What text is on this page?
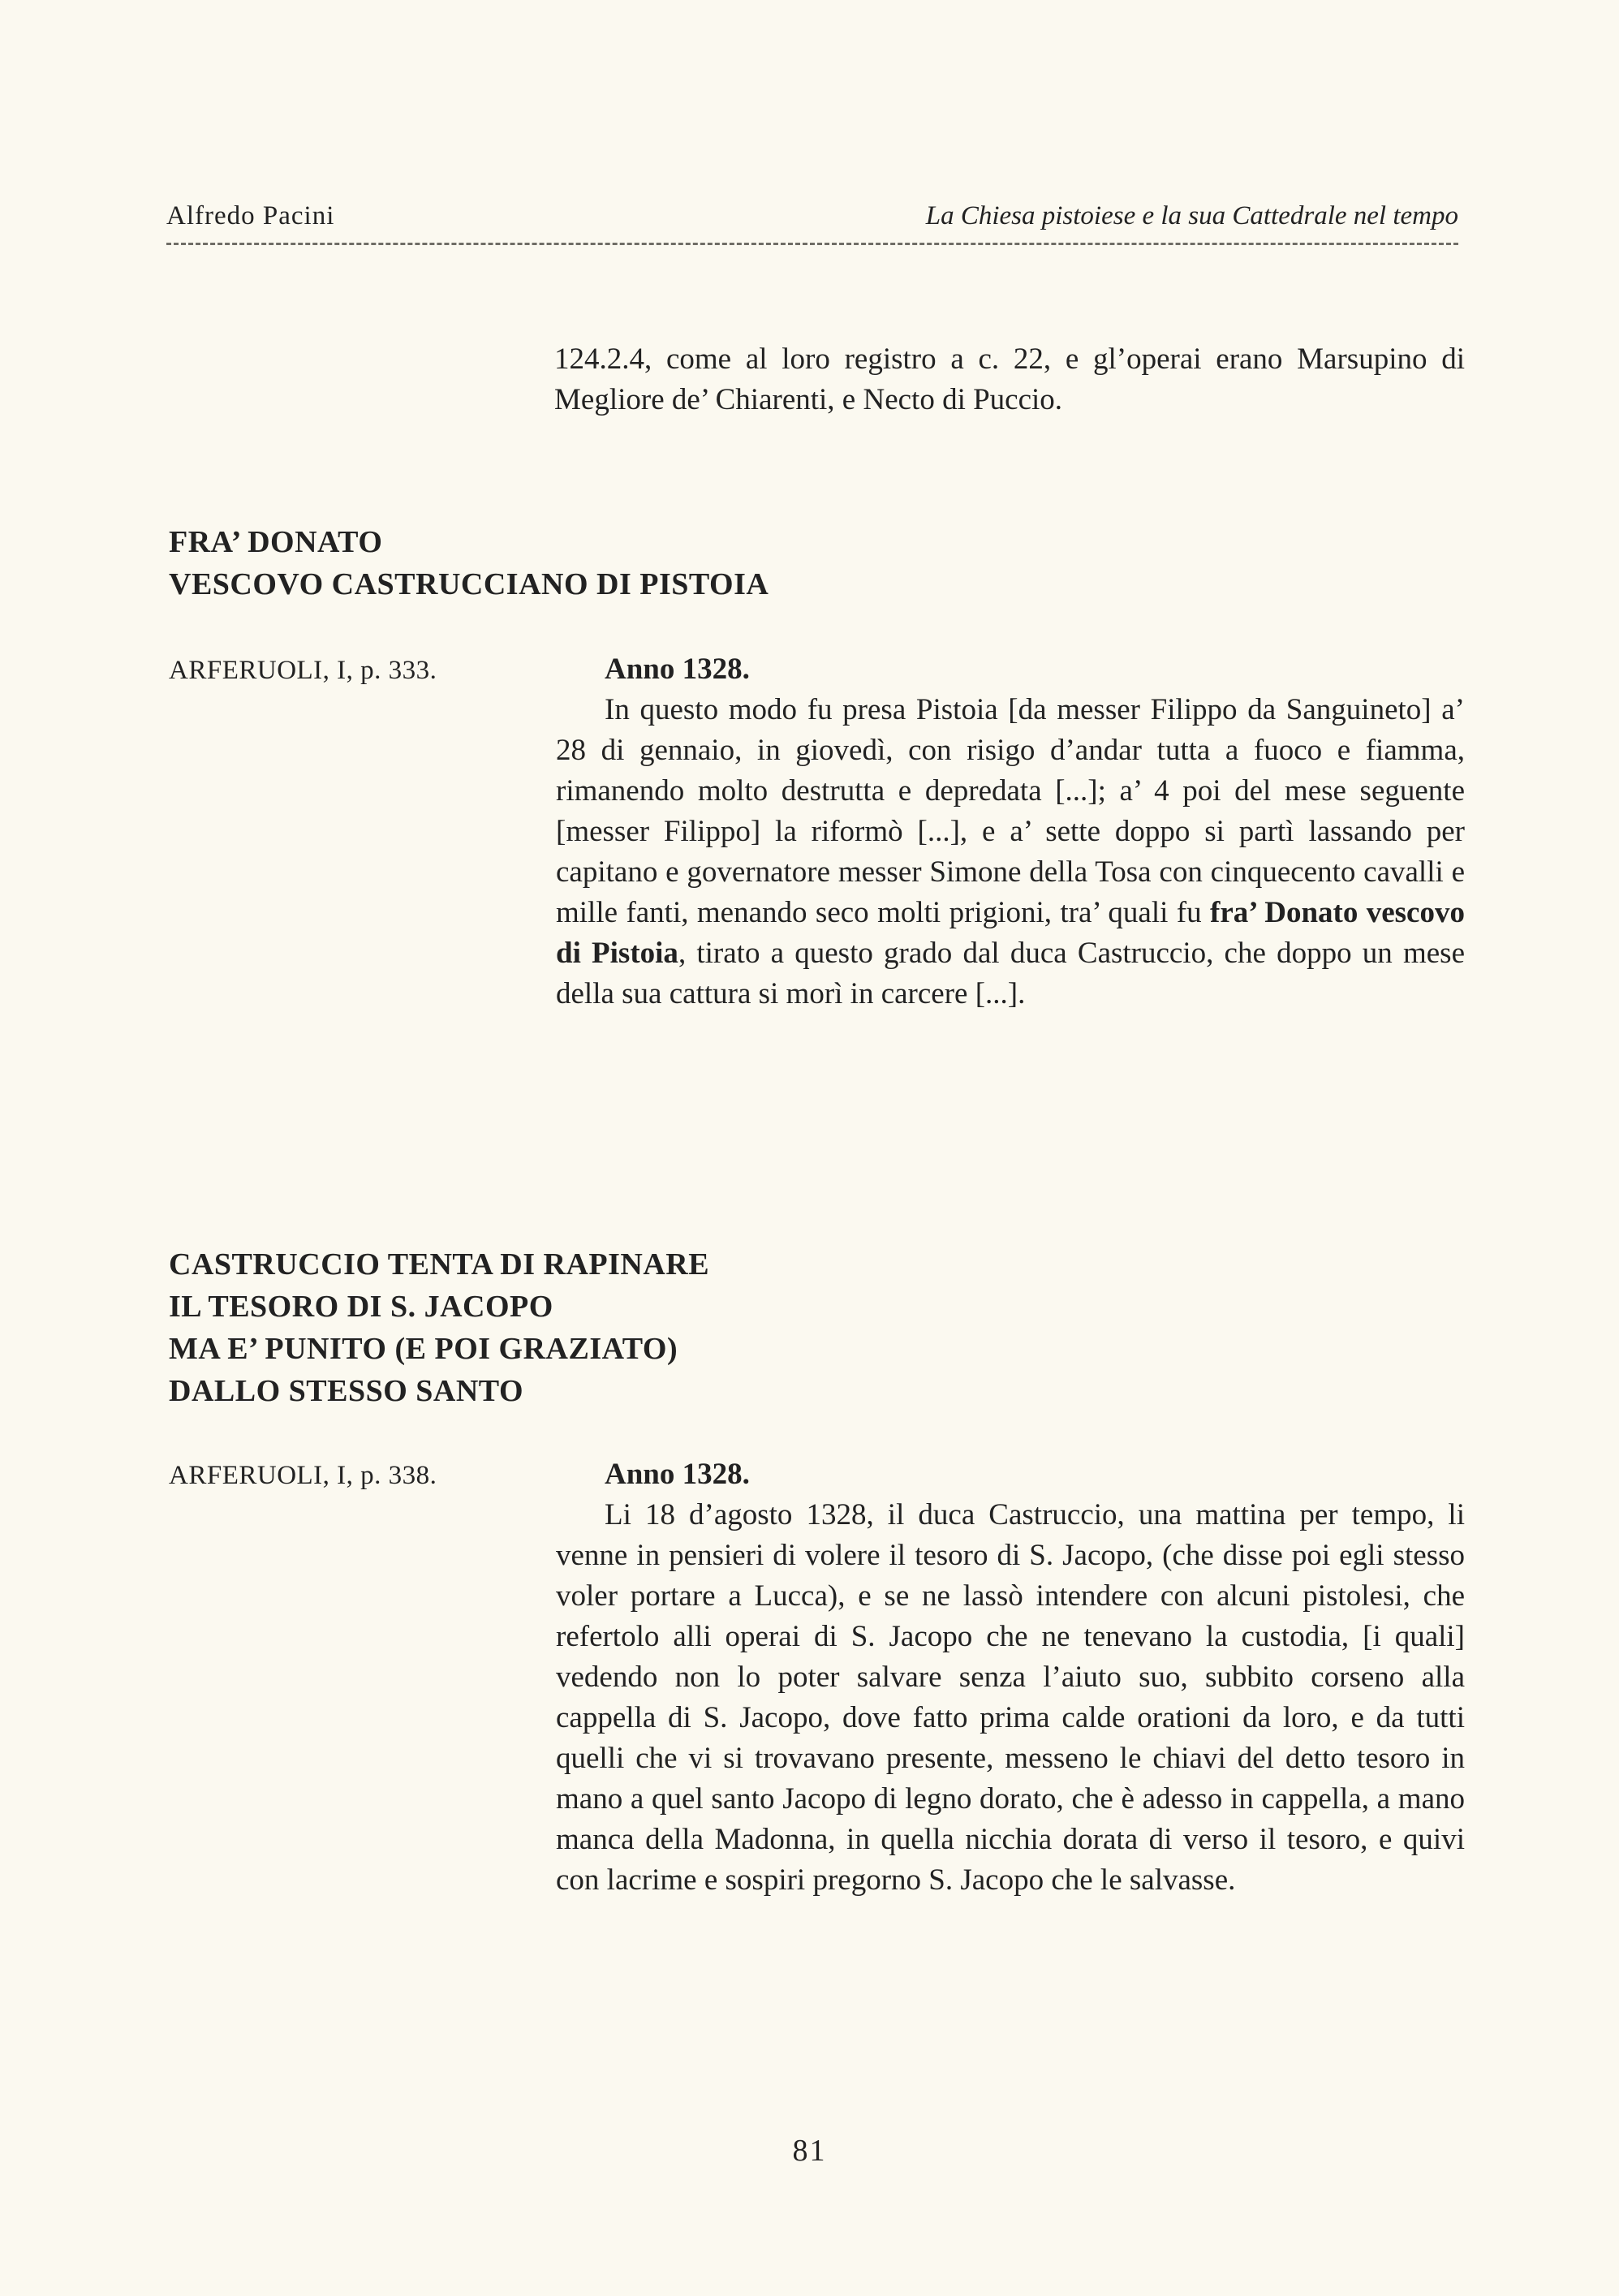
Alfredo Pacini	La Chiesa pistoiese e la sua Cattedrale nel tempo

124.2.4, come al loro registro a c. 22, e gl’operai erano Marsupino di Megliore de’ Chiarenti, e Necto di Puccio.

FRA’ DONATO
VESCOVO CASTRUCCIANO DI PISTOIA
ARFERUOLI, I, p. 333.	Anno 1328.

In questo modo fu presa Pistoia [da messer Filippo da Sanguineto] a’ 28 di gennaio, in giovedì, con risigo d’andar tutta a fuoco e fiamma, rimanendo molto destrutta e depredata [...]; a’ 4 poi del mese seguente [messer Filippo] la riformò [...], e a’ sette doppo si partì lassando per capitano e governatore messer Simone della Tosa con cinquecento cavalli e mille fanti, menando seco molti prigioni, tra’ quali fu fra’ Donato vescovo di Pistoia, tirato a questo grado dal duca Castruccio, che doppo un mese della sua cattura si morì in carcere [...].

CASTRUCCIO TENTA DI RAPINARE
IL TESORO DI S. JACOPO
MA E’ PUNITO (E POI GRAZIATO)
DALLO STESSO SANTO
ARFERUOLI, I, p. 338.	Anno 1328.

Li 18 d’agosto 1328, il duca Castruccio, una mattina per tempo, li venne in pensieri di volere il tesoro di S. Jacopo, (che disse poi egli stesso voler portare a Lucca), e se ne lassò intendere con alcuni pistolesi, che refertolo alli operai di S. Jacopo che ne tenevano la custodia, [i quali] vedendo non lo poter salvare senza l’aiuto suo, subbito corseno alla cappella di S. Jacopo, dove fatto prima calde orationi da loro, e da tutti quelli che vi si trovavano presente, messeno le chiavi del detto tesoro in mano a quel santo Jacopo di legno dorato, che è adesso in cappella, a mano manca della Madonna, in quella nicchia dorata di verso il tesoro, e quivi con lacrime e sospiri pregorno S. Jacopo che le salvasse.

81
